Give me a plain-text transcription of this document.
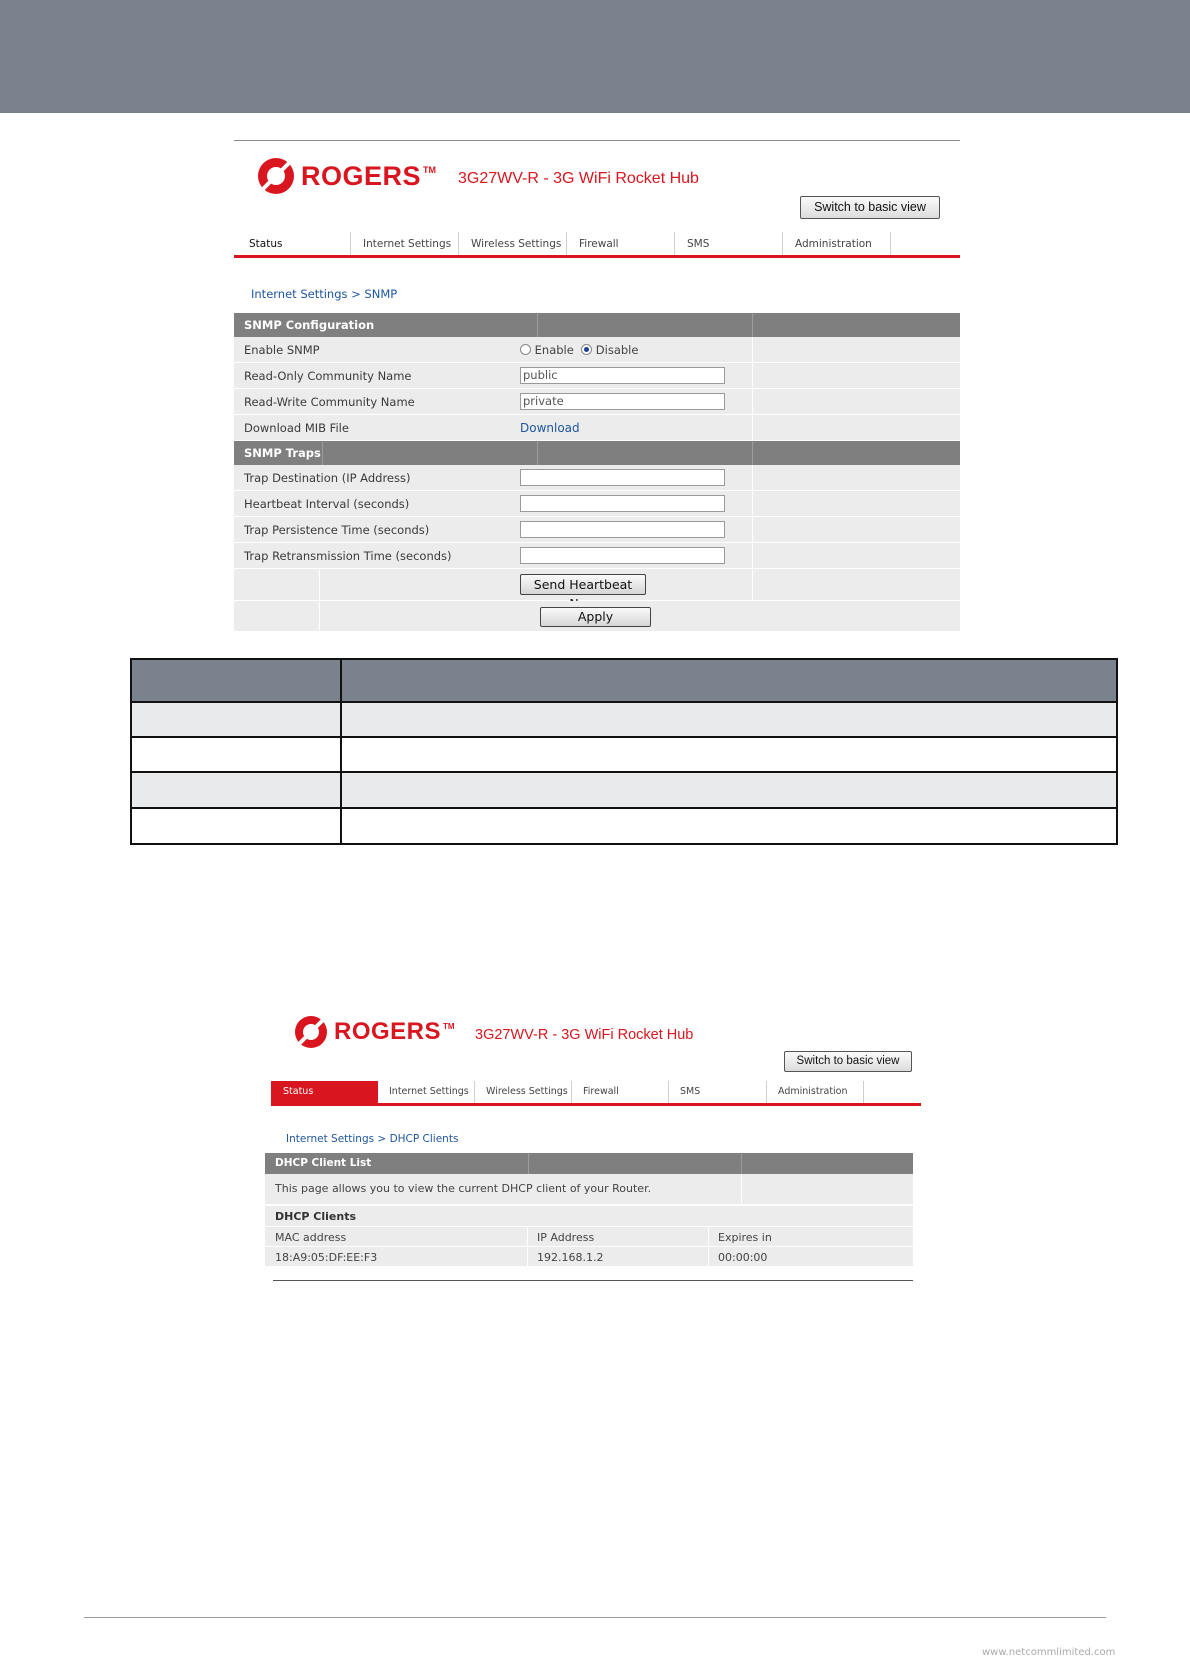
ROGERS TM 3G27WV-R - 3G WiFi Rocket Hub
Switch to basic view
Status	Internet Settings	Wireless Settings	Firewall	SMS	Administration
Internet Settings > SNMP
SNMP Configuration
Enable SNMP	Enable Disable
Read-Only Community Name	public
Read-Write Community Name	private
Download MIB File	Download
SNMP Traps
Trap Destination (IP Address)
Heartbeat Interval (seconds)
Trap Persistence Time (seconds)
Trap Retransmission Time (seconds)
Send Heartbeat
Apply
ROGERS TM
3G27WV-R - 3G WiFi Rocket Hub
Switch to basic view
Status	Internet Settings	Wireless Settings	Firewall	SMS	Administration
Internet Settings > DHCP Clients
DHCP Client List
This page allows you to view the current DHCP client of your Router.
DHCP Clients
MAC address	IP Address	Expires in
18:A9:05:DF:EE:F3	192.168.1.2	00:00:00
www.netcommlimited.com
